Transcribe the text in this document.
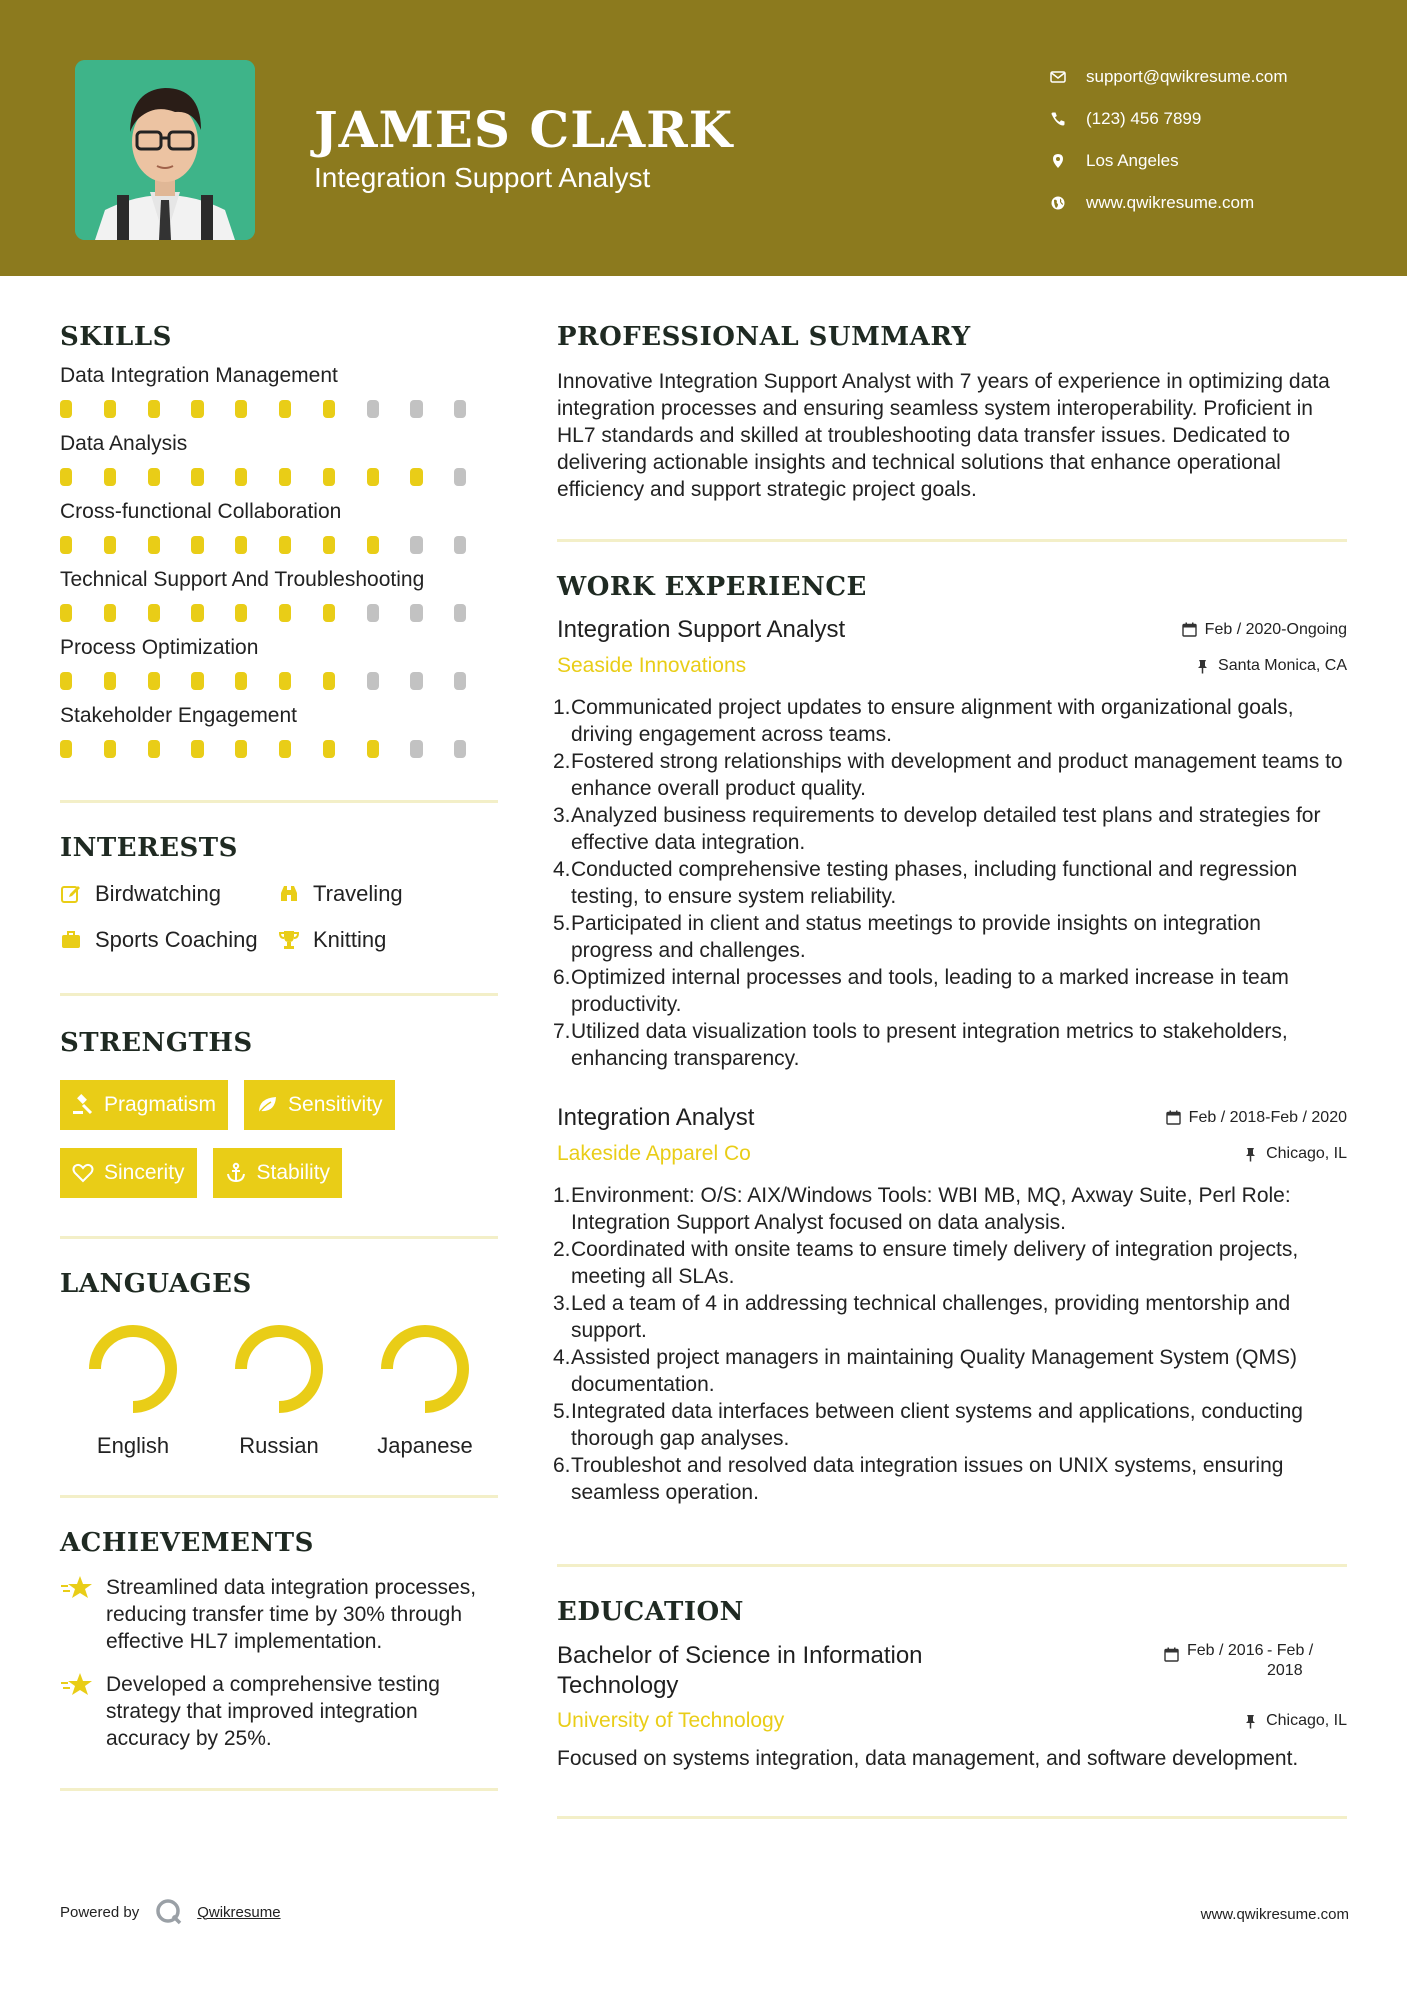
JAMES CLARK
Integration Support Analyst
support@qwikresume.com
(123) 456 7899
Los Angeles
www.qwikresume.com
SKILLS
Data Integration Management
Data Analysis
Cross-functional Collaboration
Technical Support And Troubleshooting
Process Optimization
Stakeholder Engagement
INTERESTS
Birdwatching	Traveling
Sports Coaching	Knitting
STRENGTHS
Pragmatism	Sensitivity
Sincerity	Stability
LANGUAGES
English	Russian	Japanese
ACHIEVEMENTS
Streamlined data integration processes, reducing transfer time by 30% through effective HL7 implementation.
Developed a comprehensive testing strategy that improved integration accuracy by 25%.
Powered by	Qwikresume
PROFESSIONAL SUMMARY

Innovative Integration Support Analyst with 7 years of experience in optimizing data integration processes and ensuring seamless system interoperability. Proficient in HL7 standards and skilled at troubleshooting data transfer issues. Dedicated to delivering actionable insights and technical solutions that enhance operational efficiency and support strategic project goals.

WORK EXPERIENCE
Integration Support Analyst	Feb / 2020-Ongoing
Seaside Innovations	Santa Monica, CA
1. Communicated project updates to ensure alignment with organizational goals, driving engagement across teams.
2. Fostered strong relationships with development and product management teams to enhance overall product quality.
3. Analyzed business requirements to develop detailed test plans and strategies for effective data integration.
4. Conducted comprehensive testing phases, including functional and regression testing, to ensure system reliability.
5. Participated in client and status meetings to provide insights on integration progress and challenges.
6. Optimized internal processes and tools, leading to a marked increase in team productivity.
7. Utilized data visualization tools to present integration metrics to stakeholders, enhancing transparency.
Integration Analyst	Feb / 2018-Feb / 2020
Lakeside Apparel Co	Chicago, IL
1. Environment: O/S: AIX/Windows Tools: WBI MB, MQ, Axway Suite, Perl Role: Integration Support Analyst focused on data analysis.
2. Coordinated with onsite teams to ensure timely delivery of integration projects, meeting all SLAs.
3. Led a team of 4 in addressing technical challenges, providing mentorship and support.
4. Assisted project managers in maintaining Quality Management System (QMS) documentation.
5. Integrated data interfaces between client systems and applications, conducting thorough gap analyses.
6. Troubleshot and resolved data integration issues on UNIX systems, ensuring seamless operation.
EDUCATION
Bachelor of Science in Information Technology
Feb / 2016 - Feb / 2018
University of Technology	Chicago, IL

Focused on systems integration, data management, and software development.

www.qwikresume.com
